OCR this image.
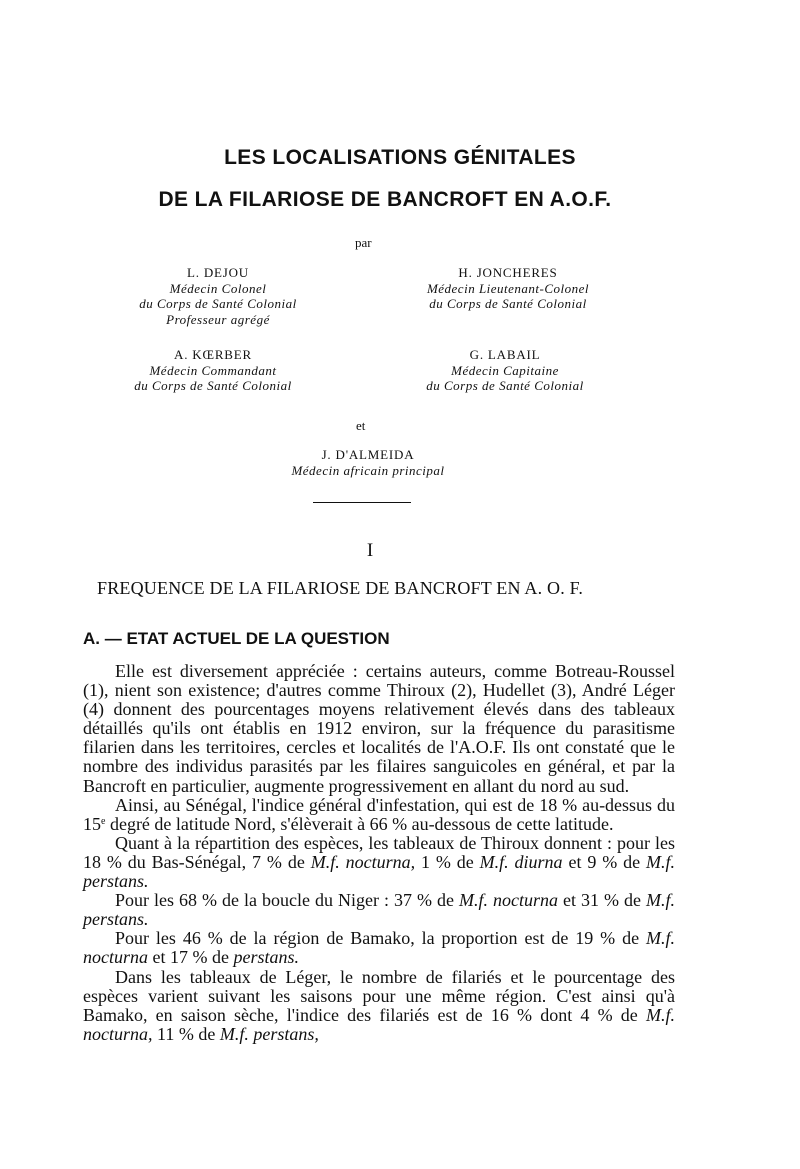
LES LOCALISATIONS GÉNITALES
DE LA FILARIOSE DE BANCROFT EN A.O.F.
par
L. DEJOU
Médecin Colonel
du Corps de Santé Colonial
Professeur agrégé
H. JONCHERES
Médecin Lieutenant-Colonel
du Corps de Santé Colonial
A. KŒRBER
Médecin Commandant
du Corps de Santé Colonial
G. LABAIL
Médecin Capitaine
du Corps de Santé Colonial
et
J. D'ALMEIDA
Médecin africain principal
I
FREQUENCE DE LA FILARIOSE DE BANCROFT EN A. O. F.
A. — ETAT ACTUEL DE LA QUESTION

Elle est diversement appréciée : certains auteurs, comme Botreau-Roussel (1), nient son existence; d'autres comme Thiroux (2), Hudellet (3), André Léger (4) donnent des pourcentages moyens relativement élevés dans des tableaux détaillés qu'ils ont établis en 1912 environ, sur la fréquence du parasitisme filarien dans les territoires, cercles et localités de l'A.O.F. Ils ont constaté que le nombre des individus parasités par les filaires sanguicoles en général, et par la Bancroft en particulier, augmente progressivement en allant du nord au sud.

Ainsi, au Sénégal, l'indice général d'infestation, qui est de 18 % au-dessus du 15e degré de latitude Nord, s'élèverait à 66 % au-dessous de cette latitude.

Quant à la répartition des espèces, les tableaux de Thiroux donnent : pour les 18 % du Bas-Sénégal, 7 % de M.f. nocturna, 1 % de M.f. diurna et 9 % de M.f. perstans.

Pour les 68 % de la boucle du Niger : 37 % de M.f. nocturna et 31 % de M.f. perstans.

Pour les 46 % de la région de Bamako, la proportion est de 19 % de M.f. nocturna et 17 % de perstans.

Dans les tableaux de Léger, le nombre de filariés et le pourcentage des espèces varient suivant les saisons pour une même région. C'est ainsi qu'à Bamako, en saison sèche, l'indice des filariés est de 16 % dont 4 % de M.f. nocturna, 11 % de M.f. perstans,
